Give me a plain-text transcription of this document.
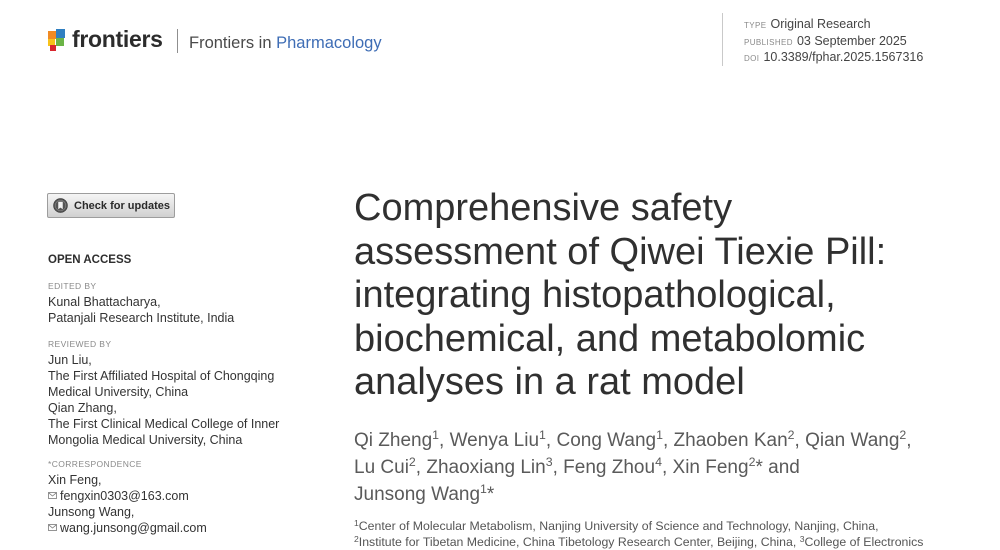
frontiers Frontiers in Pharmacology
TYPE Original Research
PUBLISHED 03 September 2025
DOI 10.3389/fphar.2025.1567316
Check for updates
OPEN ACCESS
EDITED BY
Kunal Bhattacharya,
Patanjali Research Institute, India
REVIEWED BY
Jun Liu,
The First Affiliated Hospital of Chongqing
Medical University, China
Qian Zhang,
The First Clinical Medical College of Inner
Mongolia Medical University, China
*CORRESPONDENCE
Xin Feng,
fengxin0303@163.com
Junsong Wang,
wang.junsong@gmail.com
Comprehensive safety
assessment of Qiwei Tiexie Pill:
integrating histopathological,
biochemical, and metabolomic
analyses in a rat model
Qi Zheng$^1$, Wenya Liu$^1$, Cong Wang$^1$, Zhaoben Kan$^2$, Qian Wang$^2$,
Lu Cui$^2$, Zhaoxiang Lin$^3$, Feng Zhou$^4$, Xin Feng$^2$* and
Junsong Wang$^1$*
$^1$Center of Molecular Metabolism, Nanjing University of Science and Technology, Nanjing, China,
$^2$Institute for Tibetan Medicine, China Tibetology Research Center, Beijing, China, $^3$College of Electronics
